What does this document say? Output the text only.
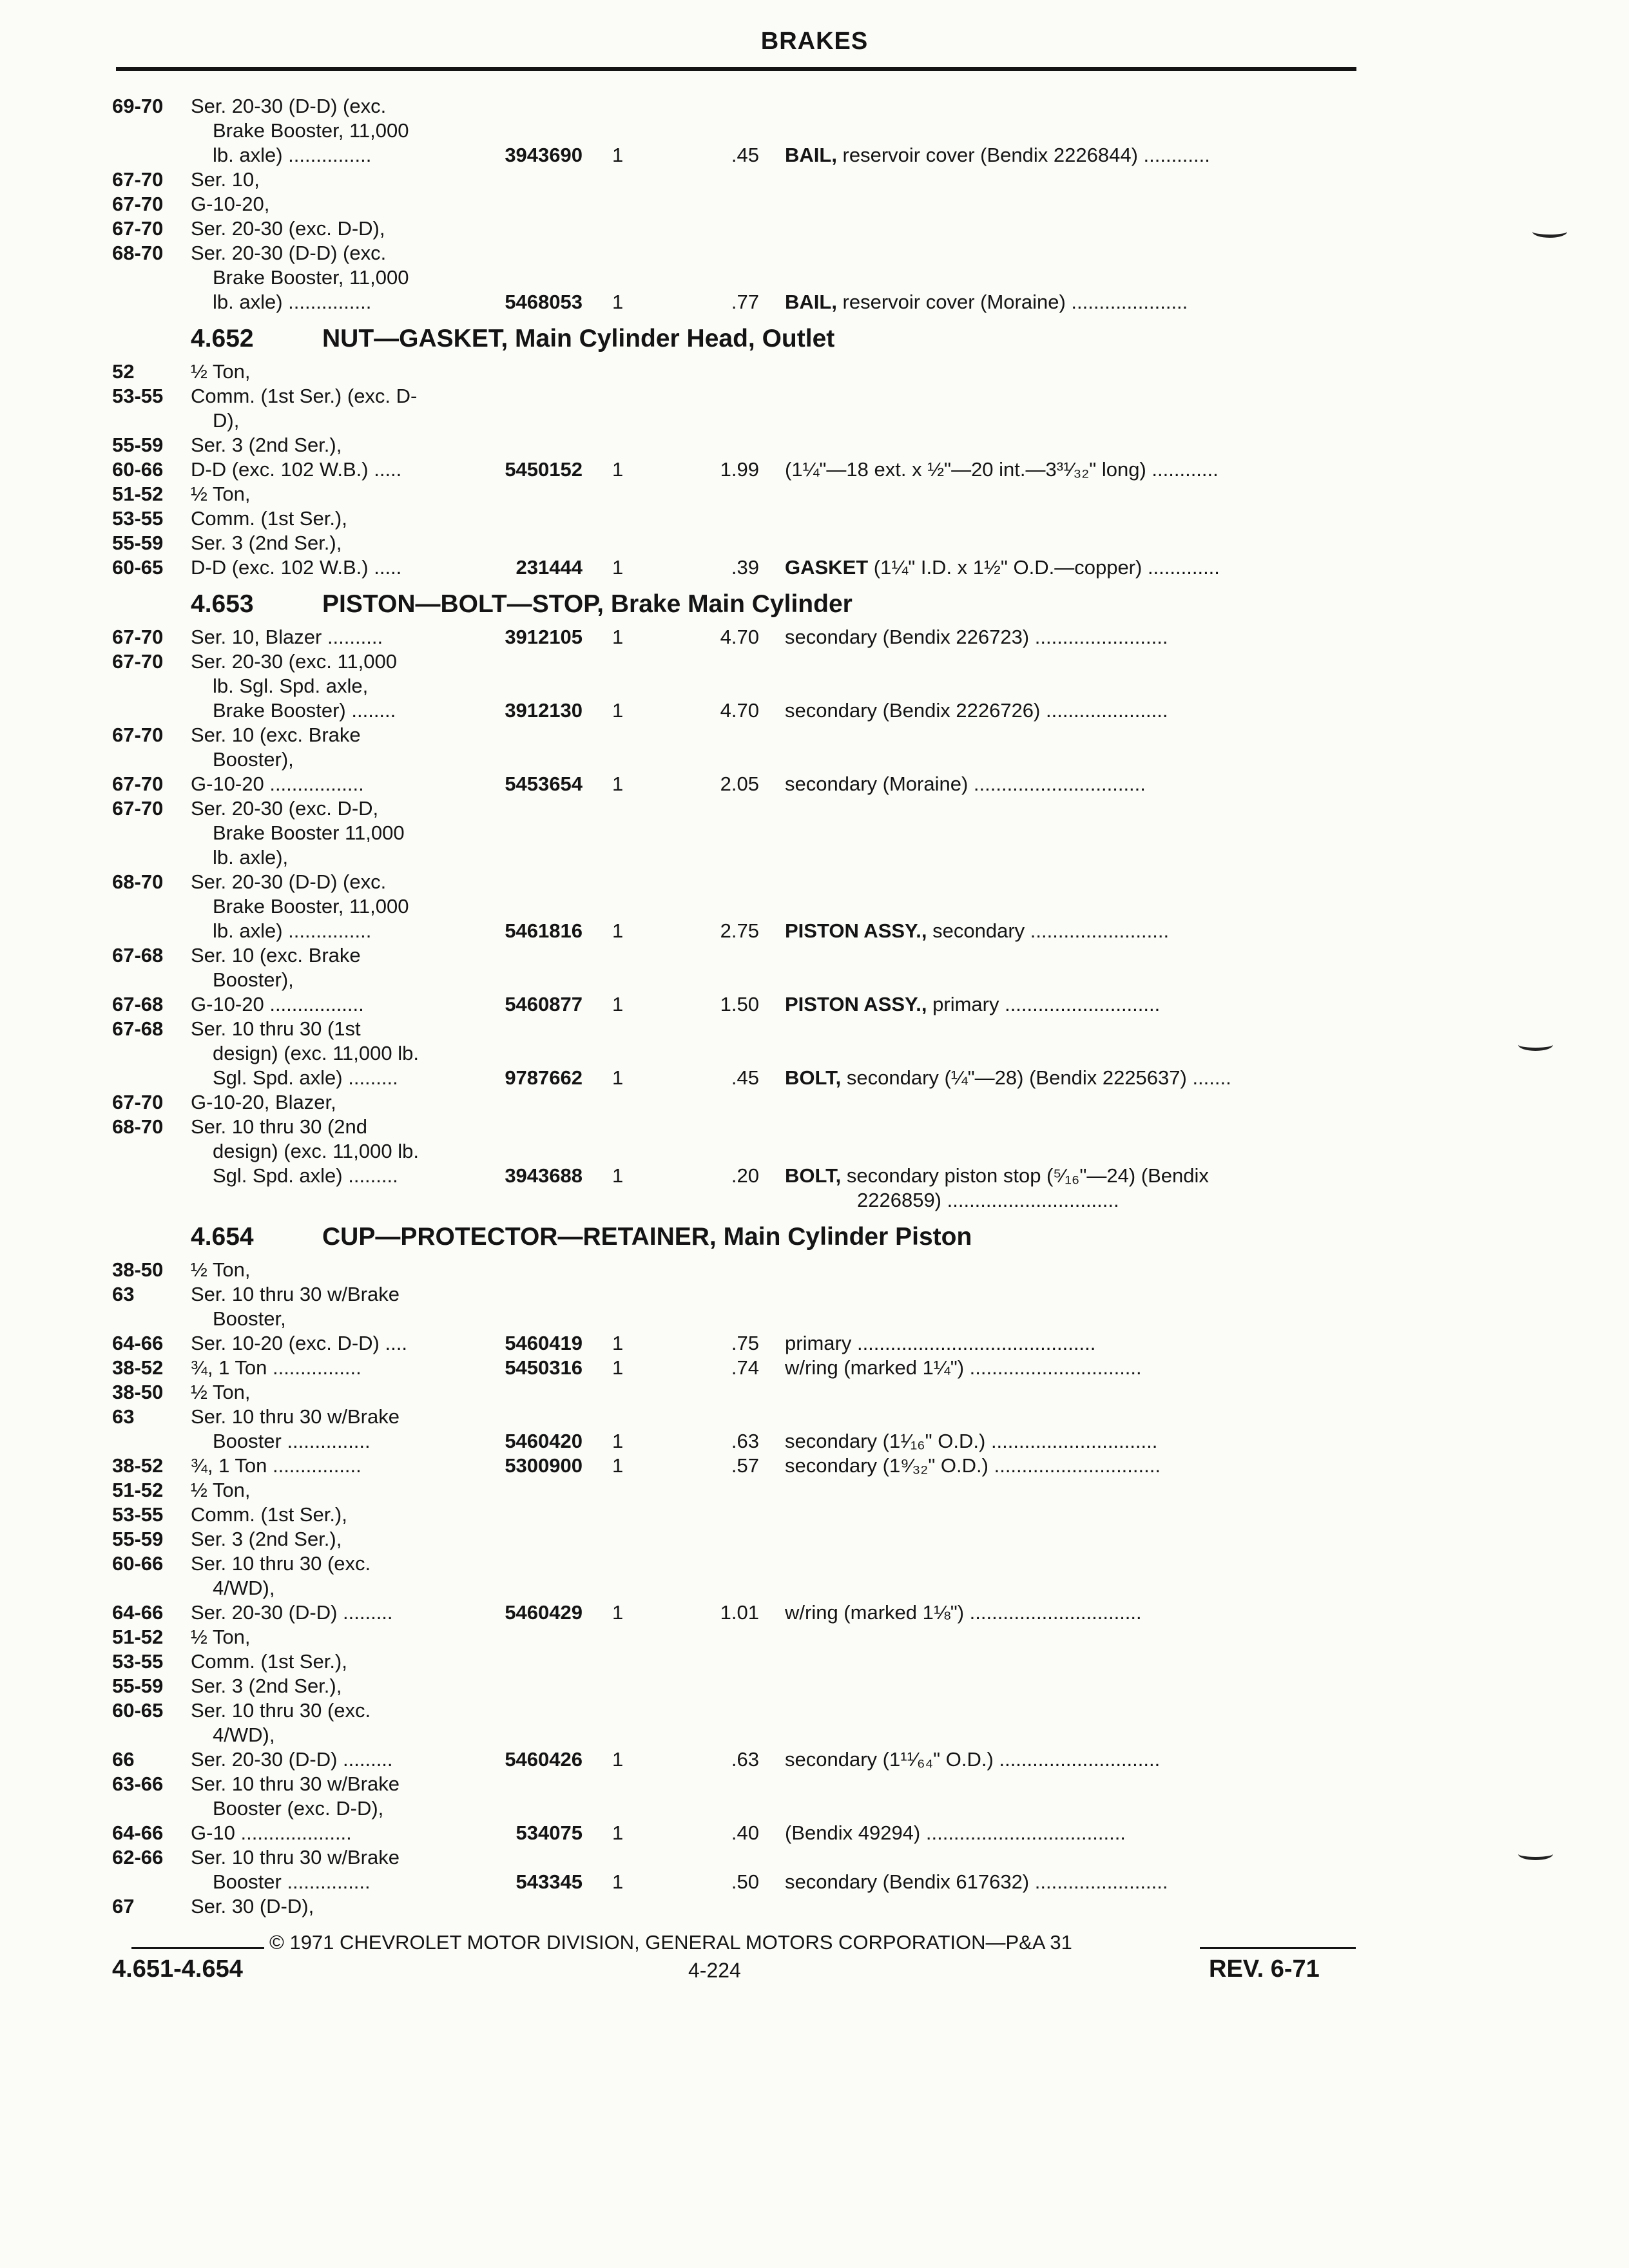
BRAKES
69-70 Ser. 20-30 (D-D) (exc.
Brake Booster, 11,000
lb. axle) ...............	3943690 1	.45 BAIL, reservoir cover (Bendix 2226844) ............
67-70 Ser. 10,
67-70 G-10-20,
67-70 Ser. 20-30 (exc. D-D),
68-70 Ser. 20-30 (D-D) (exc.
Brake Booster, 11,000
lb. axle) ...............	5468053 1	.77 BAIL, reservoir cover (Moraine) .....................
4.652	NUT—GASKET, Main Cylinder Head, Outlet
52	½ Ton,
53-55 Comm. (1st Ser.) (exc. D-
D),
55-59 Ser. 3 (2nd Ser.),
60-66 D-D (exc. 102 W.B.) .....	5450152 1	1.99 (1¼"—18 ext. x ½"—20 int.—3³¹⁄₃₂" long) ............
51-52 ½ Ton,
53-55 Comm. (1st Ser.),
55-59 Ser. 3 (2nd Ser.),
60-65 D-D (exc. 102 W.B.) .....	231444 1	.39 GASKET (1¼" I.D. x 1½" O.D.—copper) .............
4.653	PISTON—BOLT—STOP, Brake Main Cylinder
67-70 Ser. 10, Blazer ..........	3912105 1	4.70 secondary (Bendix 226723) ........................
67-70 Ser. 20-30 (exc. 11,000
lb. Sgl. Spd. axle,
Brake Booster) ........	3912130 1	4.70 secondary (Bendix 2226726) ......................
67-70 Ser. 10 (exc. Brake
Booster),
67-70 G-10-20 .................	5453654 1	2.05 secondary (Moraine) ...............................
67-70 Ser. 20-30 (exc. D-D,
Brake Booster 11,000
lb. axle),
68-70 Ser. 20-30 (D-D) (exc.
Brake Booster, 11,000
lb. axle) ...............	5461816 1	2.75 PISTON ASSY., secondary .........................
67-68 Ser. 10 (exc. Brake
Booster),
67-68 G-10-20 .................	5460877 1	1.50 PISTON ASSY., primary ............................
67-68 Ser. 10 thru 30 (1st
design) (exc. 11,000 lb.
Sgl. Spd. axle) .........	9787662 1	.45 BOLT, secondary (¼"—28) (Bendix 2225637) .......
67-70 G-10-20, Blazer,
68-70 Ser. 10 thru 30 (2nd
design) (exc. 11,000 lb.
Sgl. Spd. axle) .........	3943688 1	.20 BOLT, secondary piston stop (⁵⁄₁₆"—24) (Bendix
2226859) ...............................
4.654	CUP—PROTECTOR—RETAINER, Main Cylinder Piston
38-50 ½ Ton,
63	Ser. 10 thru 30 w/Brake
Booster,
64-66 Ser. 10-20 (exc. D-D) ....	5460419 1	.75 primary ...........................................
38-52 ¾, 1 Ton ................	5450316 1	.74 w/ring (marked 1¼") ...............................
38-50 ½ Ton,
63	Ser. 10 thru 30 w/Brake
Booster ...............	5460420 1	.63 secondary (1¹⁄₁₆" O.D.) ..............................
38-52 ¾, 1 Ton ................	5300900 1	.57 secondary (1⁹⁄₃₂" O.D.) ..............................
51-52 ½ Ton,
53-55 Comm. (1st Ser.),
55-59 Ser. 3 (2nd Ser.),
60-66 Ser. 10 thru 30 (exc.
4/WD),
64-66 Ser. 20-30 (D-D) .........	5460429 1	1.01 w/ring (marked 1⅛") ...............................
51-52 ½ Ton,
53-55 Comm. (1st Ser.),
55-59 Ser. 3 (2nd Ser.),
60-65 Ser. 10 thru 30 (exc.
4/WD),
66	Ser. 20-30 (D-D) .........	5460426 1	.63 secondary (1¹¹⁄₆₄" O.D.) .............................
63-66 Ser. 10 thru 30 w/Brake
Booster (exc. D-D),
64-66 G-10 ....................	534075 1	.40 (Bendix 49294) ....................................
62-66 Ser. 10 thru 30 w/Brake
Booster ...............	543345 1	.50 secondary (Bendix 617632) ........................
67	Ser. 30 (D-D),
© 1971 CHEVROLET MOTOR DIVISION, GENERAL MOTORS CORPORATION—P&A 31
4.651-4.654	4-224	REV. 6-71
